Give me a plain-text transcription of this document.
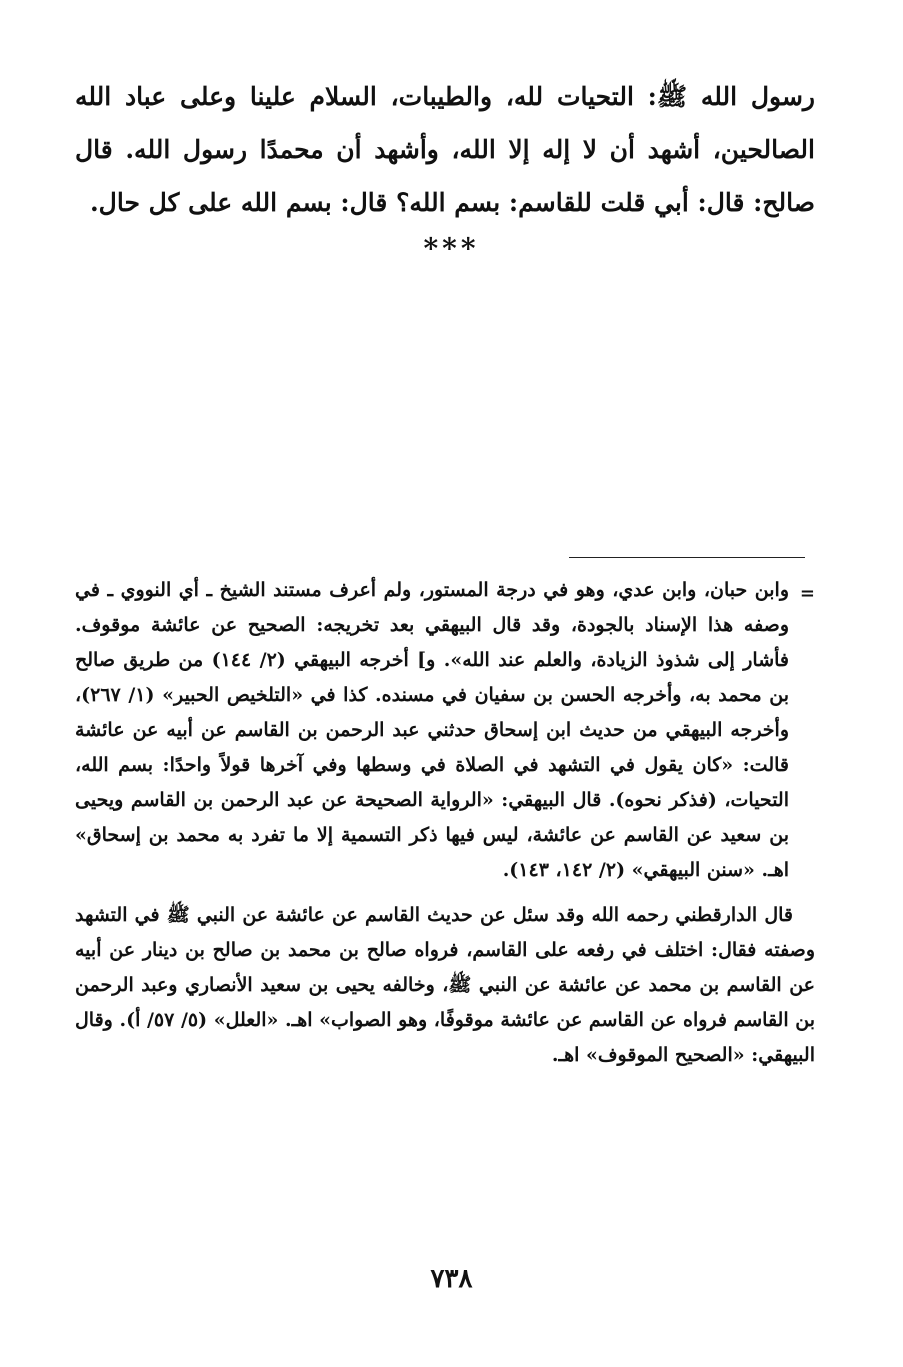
رسول الله ﷺ: التحيات لله، والطيبات، السلام علينا وعلى عباد الله الصالحين، أشهد أن لا إله إلا الله، وأشهد أن محمدًا رسول الله. قال صالح: قال: أبي قلت للقاسم: بسم الله؟ قال: بسم الله على كل حال.

***
=

وابن حبان، وابن عدي، وهو في درجة المستور، ولم أعرف مستند الشيخ ـ أي النووي ـ في وصفه هذا الإسناد بالجودة، وقد قال البيهقي بعد تخريجه: الصحيح عن عائشة موقوف. فأشار إلى شذوذ الزيادة، والعلم عند الله». و] أخرجه البيهقي (٢/ ١٤٤) من طريق صالح بن محمد به، وأخرجه الحسن بن سفيان في مسنده. كذا في «التلخيص الحبير» (١/ ٢٦٧)، وأخرجه البيهقي من حديث ابن إسحاق حدثني عبد الرحمن بن القاسم عن أبيه عن عائشة قالت: «كان يقول في التشهد في الصلاة في وسطها وفي آخرها قولاً واحدًا: بسم الله، التحيات، (فذكر نحوه). قال البيهقي: «الرواية الصحيحة عن عبد الرحمن بن القاسم ويحيى بن سعيد عن القاسم عن عائشة، ليس فيها ذكر التسمية إلا ما تفرد به محمد بن إسحاق» اهـ. «سنن البيهقي» (٢/ ١٤٢، ١٤٣).

قال الدارقطني رحمه الله وقد سئل عن حديث القاسم عن عائشة عن النبي ﷺ في التشهد وصفته فقال: اختلف في رفعه على القاسم، فرواه صالح بن محمد بن صالح بن دينار عن أبيه عن القاسم بن محمد عن عائشة عن النبي ﷺ، وخالفه يحيى بن سعيد الأنصاري وعبد الرحمن بن القاسم فرواه عن القاسم عن عائشة موقوفًا، وهو الصواب» اهـ. «العلل» (٥/ ٥٧/ أ). وقال البيهقي: «الصحيح الموقوف» اهـ.

٧٣٨
